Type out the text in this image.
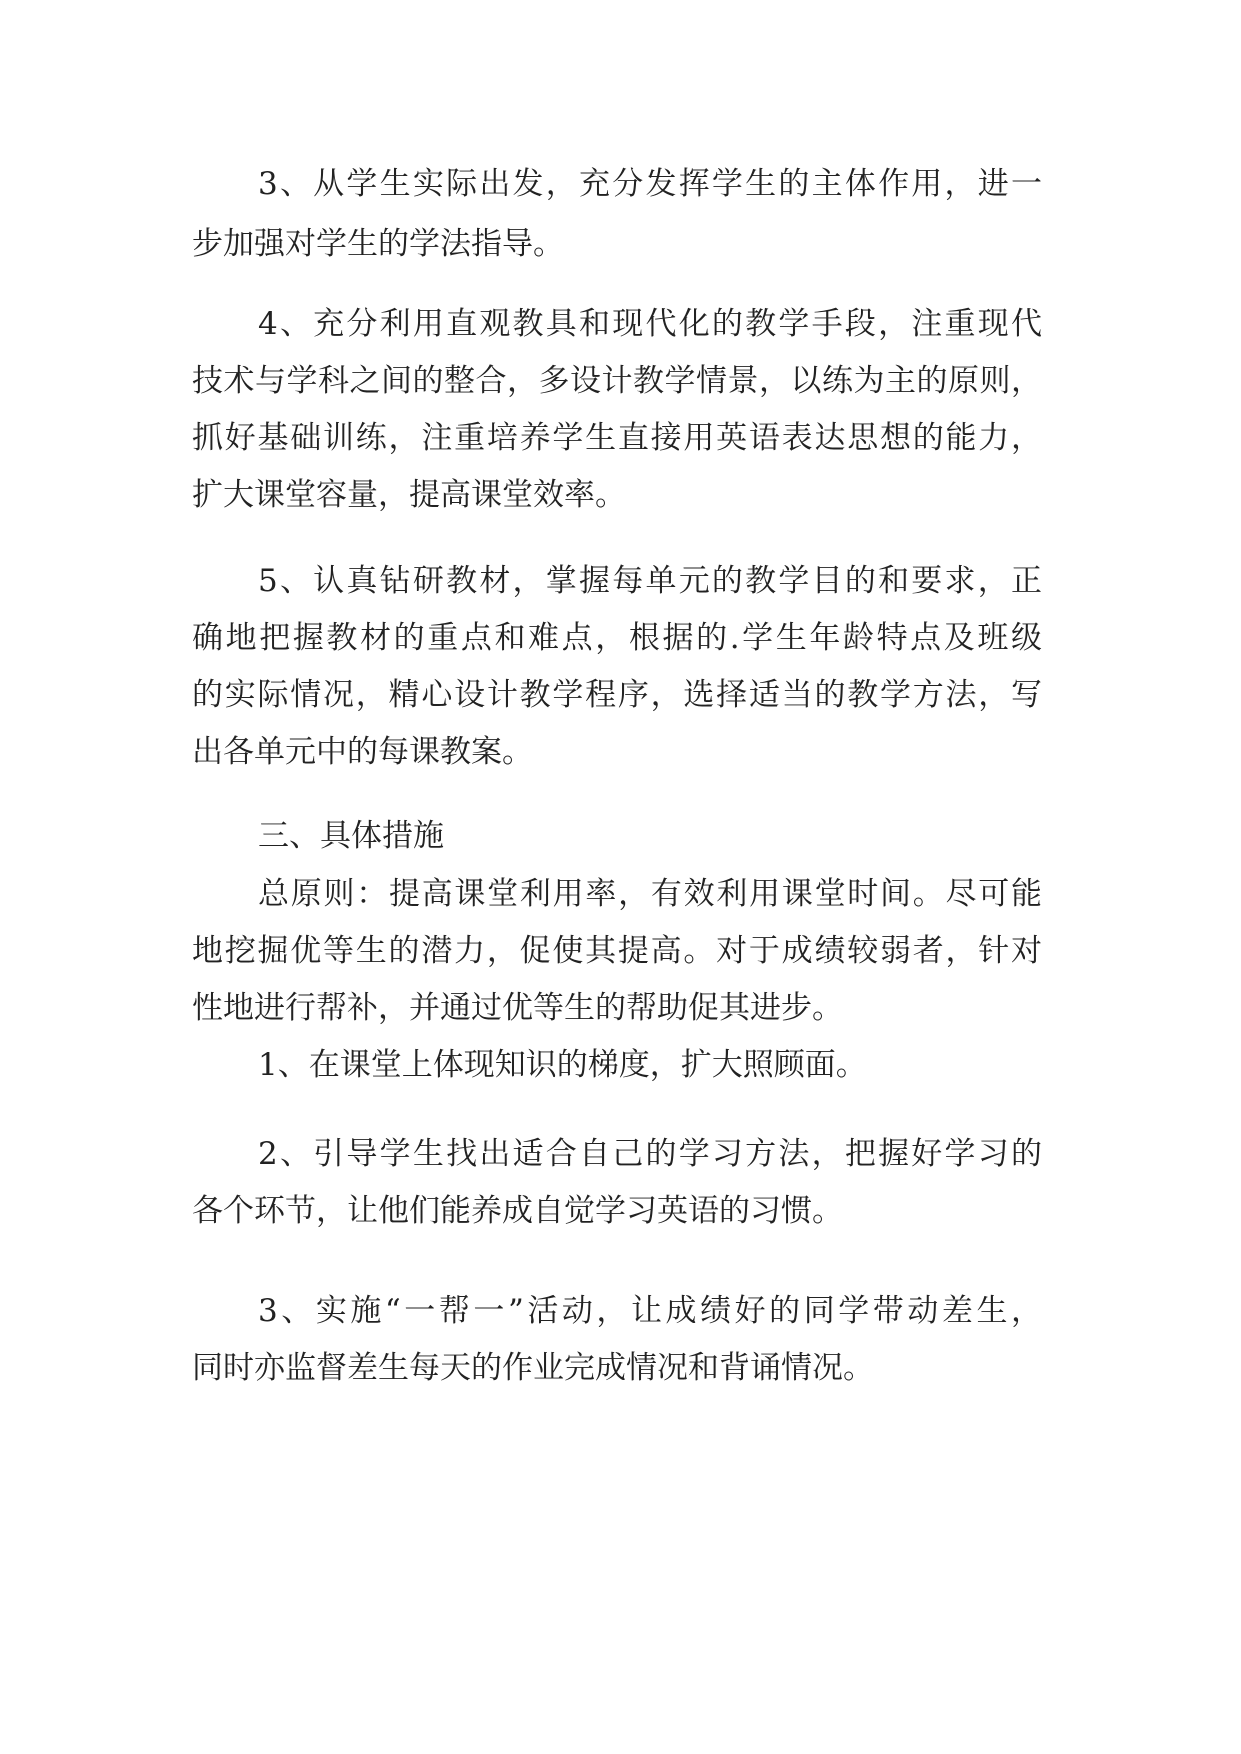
3、从学生实际出发，充分发挥学生的主体作用，进一
步加强对学生的学法指导。
4、充分利用直观教具和现代化的教学手段，注重现代
技术与学科之间的整合，多设计教学情景，以练为主的原则，
抓好基础训练，注重培养学生直接用英语表达思想的能力，
扩大课堂容量，提高课堂效率。
5、认真钻研教材，掌握每单元的教学目的和要求，正
确地把握教材的重点和难点，根据的.学生年龄特点及班级
的实际情况，精心设计教学程序，选择适当的教学方法，写
出各单元中的每课教案。
三、具体措施
总原则：提高课堂利用率，有效利用课堂时间。尽可能
地挖掘优等生的潜力，促使其提高。对于成绩较弱者，针对
性地进行帮补，并通过优等生的帮助促其进步。
1、在课堂上体现知识的梯度，扩大照顾面。
2、引导学生找出适合自己的学习方法，把握好学习的
各个环节，让他们能养成自觉学习英语的习惯。
3、实施“一帮一”活动，让成绩好的同学带动差生，
同时亦监督差生每天的作业完成情况和背诵情况。
